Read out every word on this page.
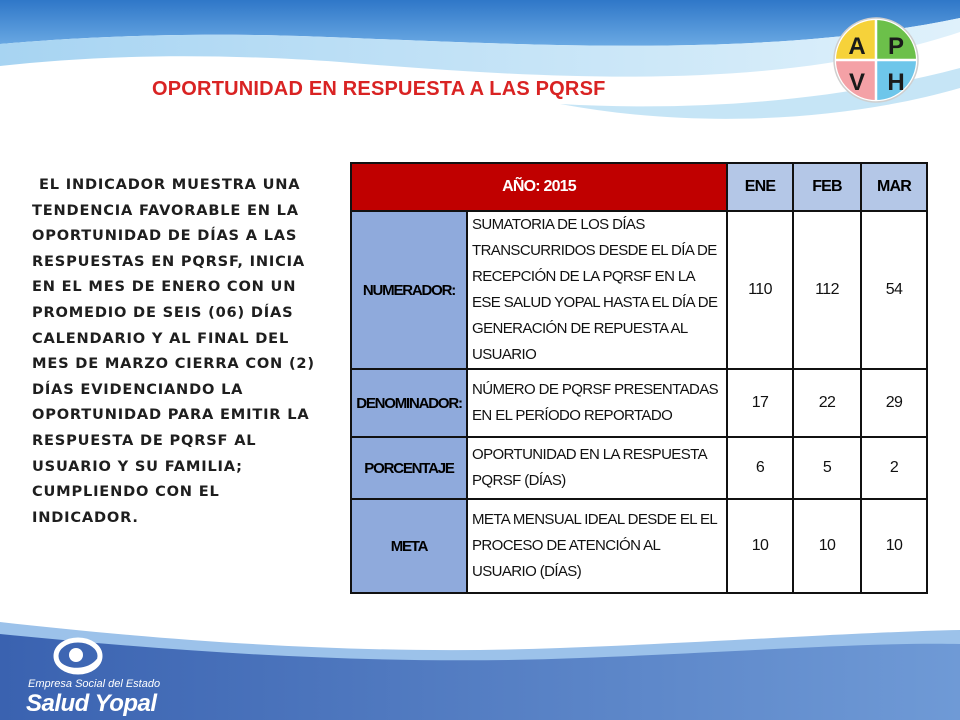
OPORTUNIDAD EN RESPUESTA A LAS PQRSF
A P
V H
EL INDICADOR MUESTRA UNA TENDENCIA FAVORABLE EN LA OPORTUNIDAD DE DÍAS A LAS RESPUESTAS EN PQRSF, INICIA EN EL MES DE ENERO CON UN PROMEDIO DE SEIS (06) DÍAS CALENDARIO Y AL FINAL DEL MES DE MARZO CIERRA CON (2) DÍAS EVIDENCIANDO LA OPORTUNIDAD PARA EMITIR LA RESPUESTA DE PQRSF AL USUARIO Y SU FAMILIA; CUMPLIENDO CON EL INDICADOR.
AÑO: 2015		ENE	FEB	MAR
NUMERADOR:	SUMATORIA DE LOS DÍAS TRANSCURRIDOS DESDE EL DÍA DE RECEPCIÓN DE LA PQRSF EN LA ESE SALUD YOPAL HASTA EL DÍA DE GENERACIÓN DE REPUESTA AL USUARIO	110	112	54
DENOMINADOR:	NÚMERO DE PQRSF PRESENTADAS EN EL PERÍODO REPORTADO	17	22	29
PORCENTAJE	OPORTUNIDAD EN LA RESPUESTA PQRSF (DÍAS)	6	5	2
META	META MENSUAL IDEAL DESDE EL EL PROCESO DE ATENCIÓN AL USUARIO (DÍAS)	10	10	10
Empresa Social del Estado
Salud Yopal
